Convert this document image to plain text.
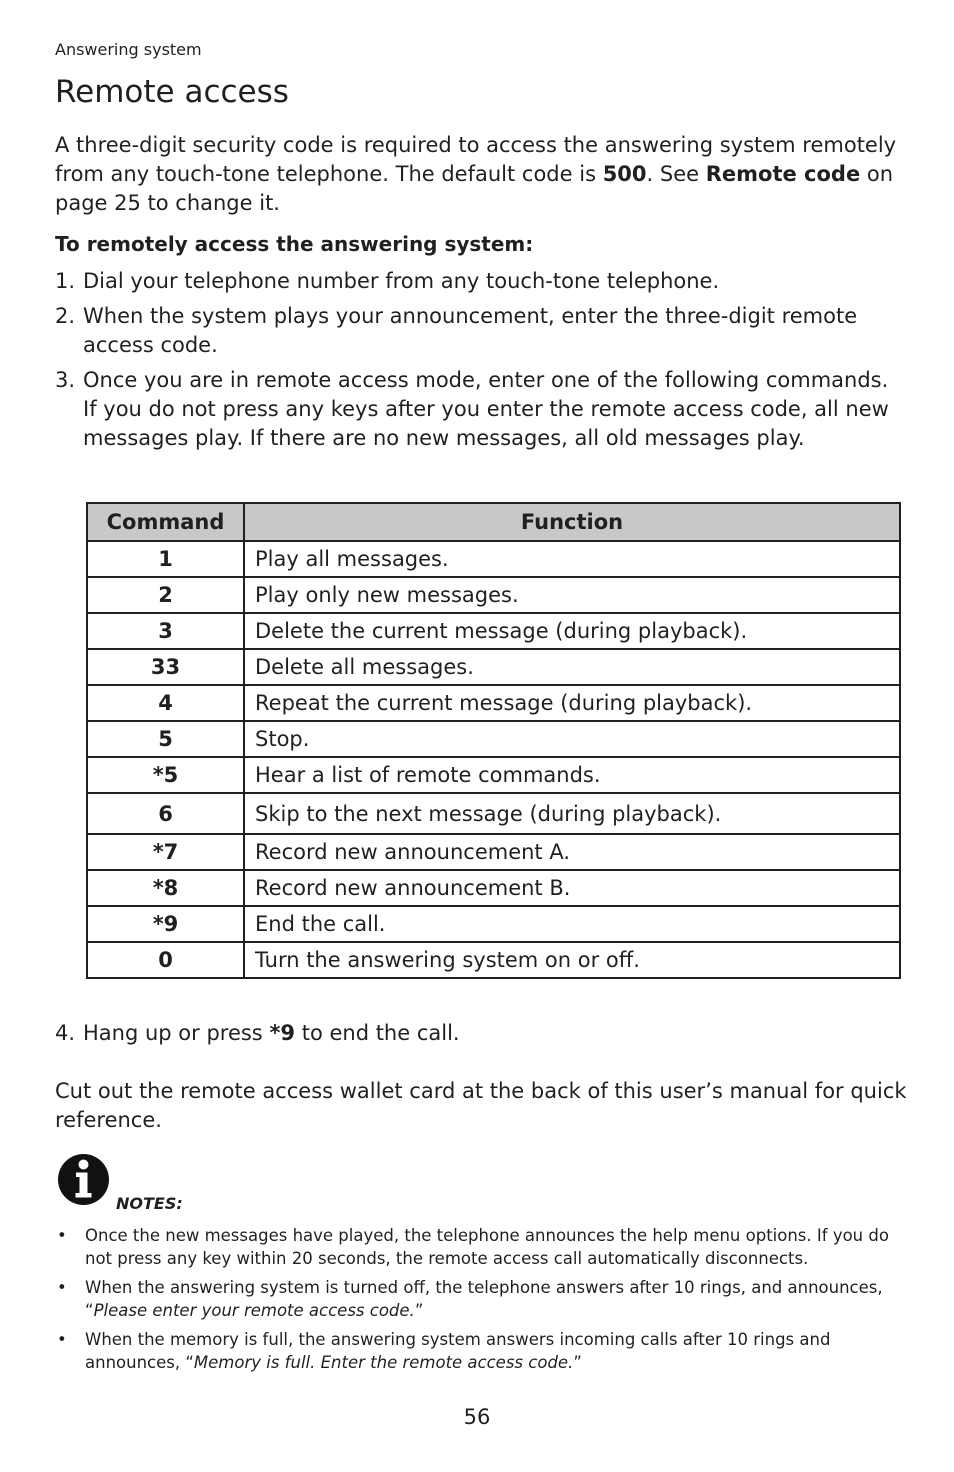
Answering system
Remote access

A three-digit security code is required to access the answering system remotely from any touch-tone telephone. The default code is 500. See Remote code on page 25 to change it.

To remotely access the answering system:
1. Dial your telephone number from any touch-tone telephone.
2. When the system plays your announcement, enter the three-digit remote access code.
3. Once you are in remote access mode, enter one of the following commands. If you do not press any keys after you enter the remote access code, all new messages play. If there are no new messages, all old messages play.
Command	Function
1	Play all messages.
2	Play only new messages.
3	Delete the current message (during playback).
33	Delete all messages.
4	Repeat the current message (during playback).
5	Stop.
*5	Hear a list of remote commands.
6	Skip to the next message (during playback).
*7	Record new announcement A.
*8	Record new announcement B.
*9	End the call.
0	Turn the answering system on or off.
4. Hang up or press *9 to end the call.

Cut out the remote access wallet card at the back of this user’s manual for quick reference.

NOTES:
•	Once the new messages have played, the telephone announces the help menu options. If you do not press any key within 20 seconds, the remote access call automatically disconnects.
•	When the answering system is turned off, the telephone answers after 10 rings, and announces, “Please enter your remote access code.”
•	When the memory is full, the answering system answers incoming calls after 10 rings and announces, “Memory is full. Enter the remote access code.”
56
